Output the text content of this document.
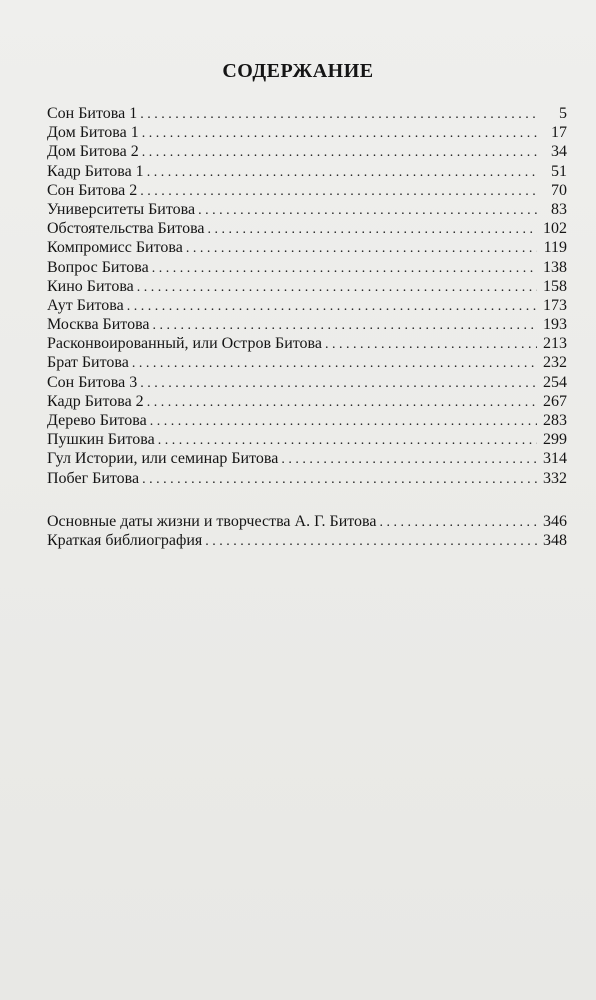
СОДЕРЖАНИЕ
Сон Битова 1 . . .	5
Дом Битова 1 . . .	17
Дом Битова 2 . . .	34
Кадр Битова 1 . . .	51
Сон Битова 2 . . .	70
Университеты Битова . . .	83
Обстоятельства Битова . . .	102
Компромисс Битова . . .	119
Вопрос Битова . . .	138
Кино Битова . . .	158
Аут Битова . . .	173
Москва Битова . . .	193
Расконвоированный, или Остров Битова . . .	213
Брат Битова . . .	232
Сон Битова 3 . . .	254
Кадр Битова 2 . . .	267
Дерево Битова . . .	283
Пушкин Битова . . .	299
Гул Истории, или семинар Битова . . .	314
Побег Битова . . .	332
Основные даты жизни и творчества А. Г. Битова . . .	346
Краткая библиография . . .	348
